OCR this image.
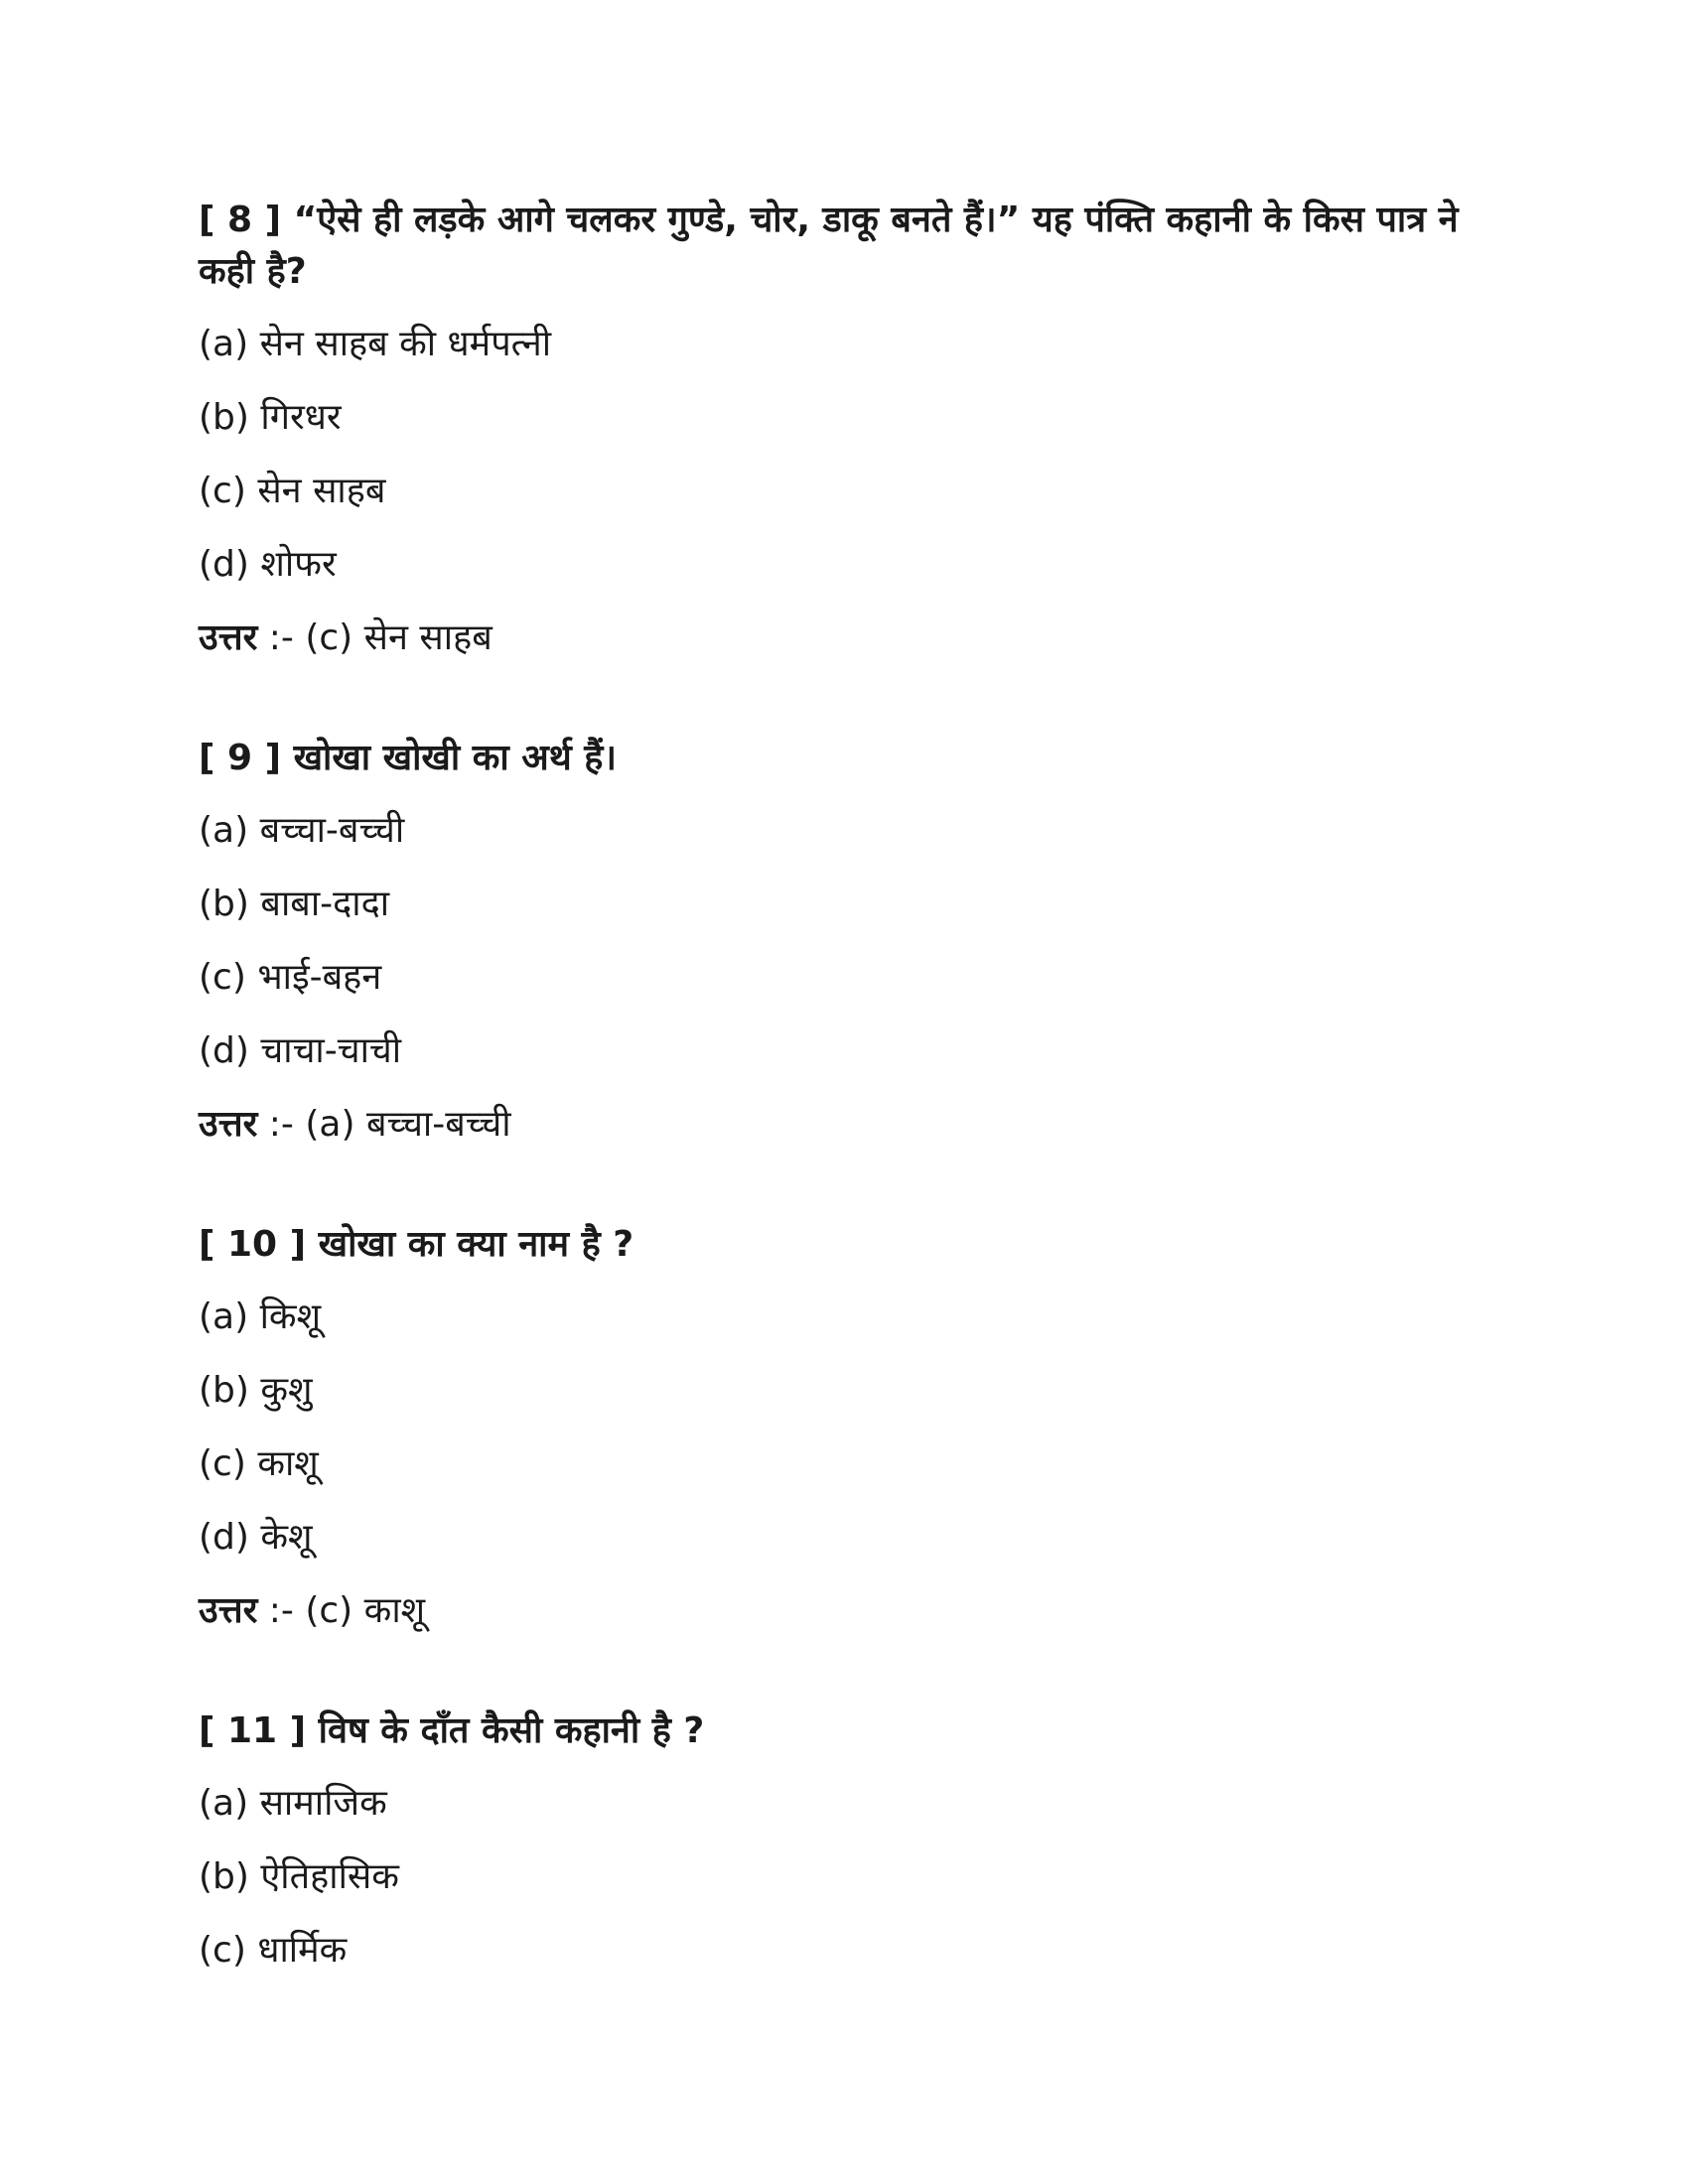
[ 8 ] “ऐसे ही लड़के आगे चलकर गुण्डे, चोर, डाकू बनते हैं।” यह पंक्ति कहानी के किस पात्र ने कही है?

(a) सेन साहब की धर्मपत्नी

(b) गिरधर

(c) सेन साहब

(d) शोफर

उत्तर :- (c) सेन साहब

[ 9 ] खोखा खोखी का अर्थ हैं।

(a) बच्चा-बच्ची

(b) बाबा-दादा

(c) भाई-बहन

(d) चाचा-चाची

उत्तर :- (a) बच्चा-बच्ची

[ 10 ] खोखा का क्या नाम है ?

(a) किशू

(b) कुशु

(c) काशू

(d) केशू

उत्तर :- (c) काशू

[ 11 ] विष के दाँत कैसी कहानी है ?

(a) सामाजिक

(b) ऐतिहासिक

(c) धार्मिक
